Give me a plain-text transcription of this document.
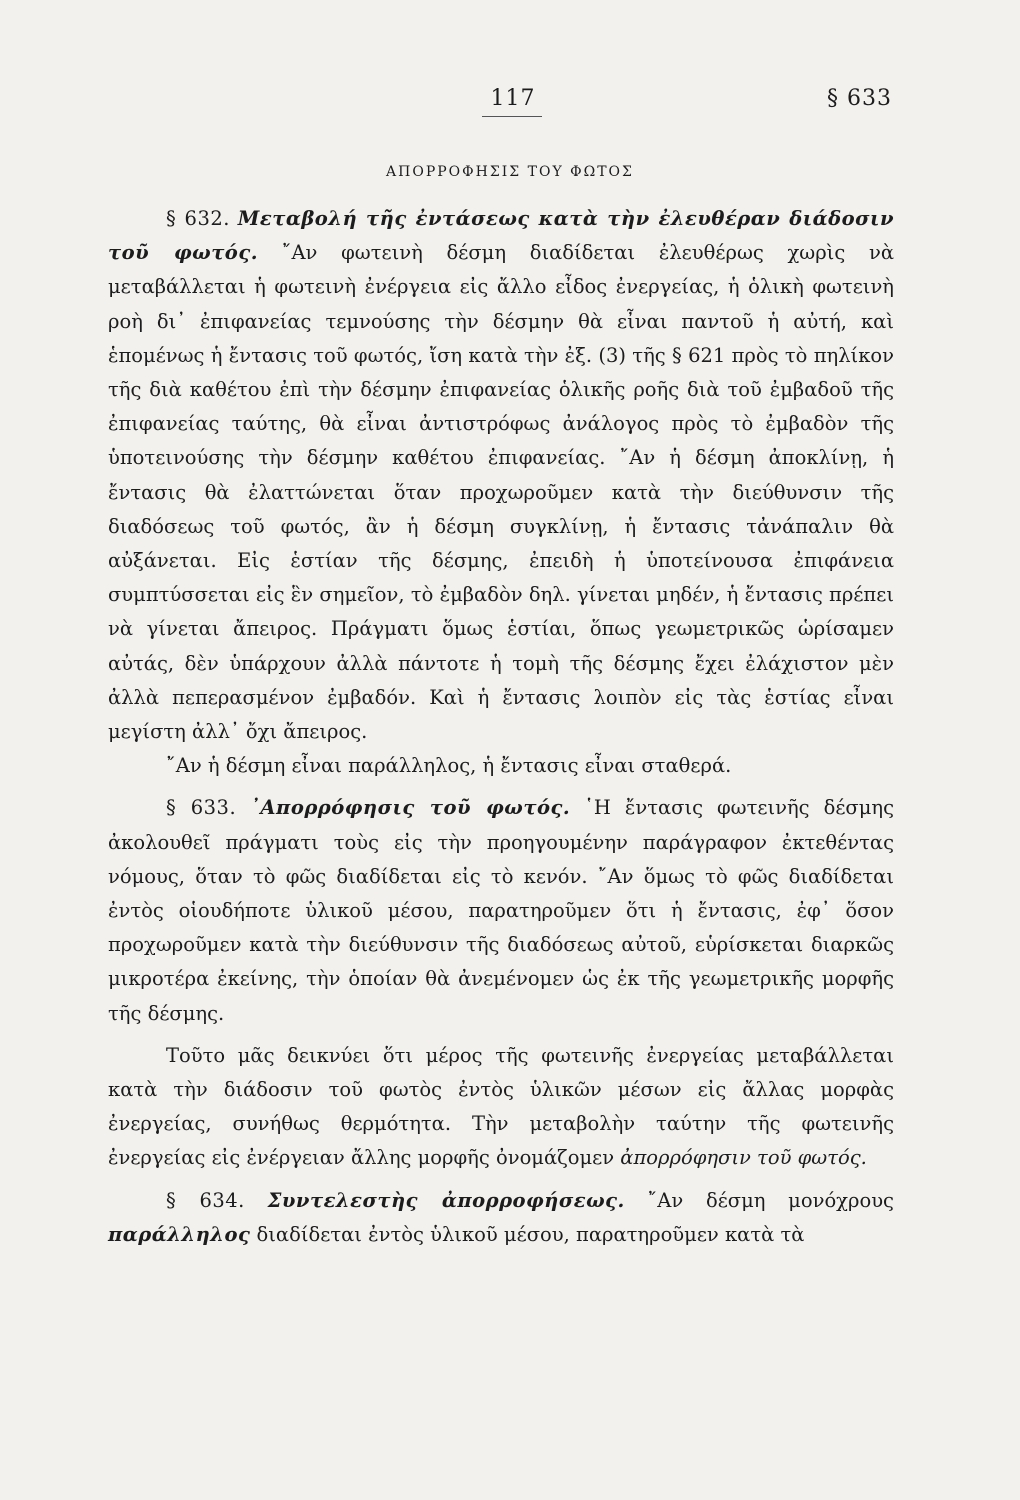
117	§ 633
ΑΠΟΡΡΟΦΗΣΙΣ ΤΟΥ ΦΩΤΟΣ

§ 632. Μεταβολή τῆς ἐντάσεως κατὰ τὴν ἐλευθέραν διάδοσιν τοῦ φωτός. ῎Αν φωτεινὴ δέσμη διαδίδεται ἐλευθέρως χωρὶς νὰ μεταβάλλεται ἡ φωτεινὴ ἐνέργεια εἰς ἄλλο εἶδος ἐνεργείας, ἡ ὁλικὴ φωτεινὴ ροὴ δι᾿ ἐπιφανείας τεμνούσης τὴν δέσμην θὰ εἶναι παντοῦ ἡ αὐτή, καὶ ἑπομένως ἡ ἔντασις τοῦ φωτός, ἴση κατὰ τὴν ἐξ. (3) τῆς § 621 πρὸς τὸ πηλίκον τῆς διὰ καθέτου ἐπὶ τὴν δέσμην ἐπιφανείας ὁλικῆς ροῆς διὰ τοῦ ἐμβαδοῦ τῆς ἐπιφανείας ταύτης, θὰ εἶναι ἀντιστρόφως ἀνάλογος πρὸς τὸ ἐμβαδὸν τῆς ὑποτεινούσης τὴν δέσμην καθέτου ἐπιφανείας. ῎Αν ἡ δέσμη ἀποκλίνῃ, ἡ ἔντασις θὰ ἐλαττώνεται ὅταν προχωροῦμεν κατὰ τὴν διεύθυνσιν τῆς διαδόσεως τοῦ φωτός, ἂν ἡ δέσμη συγκλίνῃ, ἡ ἔντασις τἀνάπαλιν θὰ αὐξάνεται. Εἰς ἑστίαν τῆς δέσμης, ἐπειδὴ ἡ ὑποτείνουσα ἐπιφάνεια συμπτύσσεται εἰς ἓν σημεῖον, τὸ ἐμβαδὸν δηλ. γίνεται μηδέν, ἡ ἔντασις πρέπει νὰ γίνεται ἄπειρος. Πράγματι ὅμως ἑστίαι, ὅπως γεωμετρικῶς ὡρίσαμεν αὐτάς, δὲν ὑπάρχουν ἀλλὰ πάντοτε ἡ τομὴ τῆς δέσμης ἔχει ἐλάχιστον μὲν ἀλλὰ πεπερασμένον ἐμβαδόν. Καὶ ἡ ἔντασις λοιπὸν εἰς τὰς ἑστίας εἶναι μεγίστη ἀλλ᾿ ὄχι ἄπειρος.

῎Αν ἡ δέσμη εἶναι παράλληλος, ἡ ἔντασις εἶναι σταθερά.

§ 633. ᾿Απορρόφησις τοῦ φωτός. ῾Η ἔντασις φωτεινῆς δέσμης ἀκολουθεῖ πράγματι τοὺς εἰς τὴν προηγουμένην παράγραφον ἐκτεθέντας νόμους, ὅταν τὸ φῶς διαδίδεται εἰς τὸ κενόν. ῎Αν ὅμως τὸ φῶς διαδίδεται ἐντὸς οἱουδήποτε ὑλικοῦ μέσου, παρατηροῦμεν ὅτι ἡ ἔντασις, ἐφ᾿ ὅσον προχωροῦμεν κατὰ τὴν διεύθυνσιν τῆς διαδόσεως αὐτοῦ, εὑρίσκεται διαρκῶς μικροτέρα ἐκείνης, τὴν ὁποίαν θὰ ἀνεμένομεν ὡς ἐκ τῆς γεωμετρικῆς μορφῆς τῆς δέσμης.

Τοῦτο μᾶς δεικνύει ὅτι μέρος τῆς φωτεινῆς ἐνεργείας μεταβάλλεται κατὰ τὴν διάδοσιν τοῦ φωτὸς ἐντὸς ὑλικῶν μέσων εἰς ἄλλας μορφὰς ἐνεργείας, συνήθως θερμότητα. Τὴν μεταβολὴν ταύτην τῆς φωτεινῆς ἐνεργείας εἰς ἐνέργειαν ἄλλης μορφῆς ὀνομάζομεν ἀπορρόφησιν τοῦ φωτός.

§ 634. Συντελεστὴς ἀπορροφήσεως. ῎Αν δέσμη μονόχρους παράλληλος διαδίδεται ἐντὸς ὑλικοῦ μέσου, παρατηροῦμεν κατὰ τὰ
